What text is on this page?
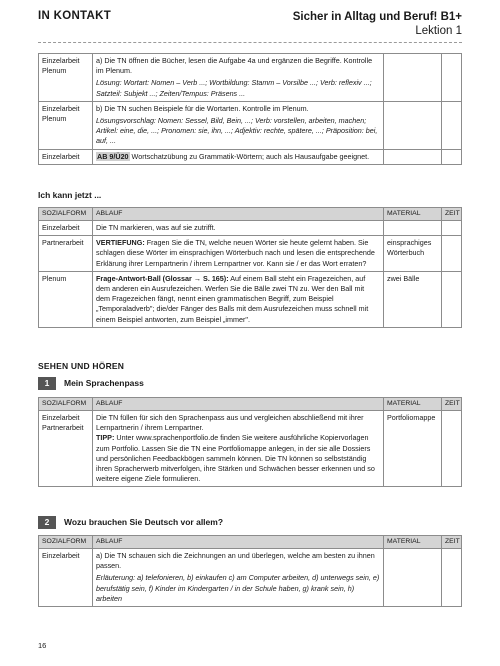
IN KONTAKT	Sicher in Alltag und Beruf! B1+
Lektion 1
Einzelarbeit
Plenum	a) Die TN öffnen die Bücher, lesen die Aufgabe 4a und ergänzen die Begriffe. Kontrolle im Plenum.
Lösung: Wortart: Nomen – Verb ...; Wortbildung: Stamm – Vorsilbe ...; Verb: reflexiv ...; Satzteil: Subjekt ...; Zeiten/Tempus: Präsens ...		

Einzelarbeit
Plenum	b) Die TN suchen Beispiele für die Wortarten. Kontrolle im Plenum.
Lösungsvorschlag: Nomen: Sessel, Bild, Bein, ...; Verb: vorstellen, arbeiten, machen; Artikel: eine, die, ...; Pronomen: sie, ihn, ...; Adjektiv: rechte, spätere, ...; Präposition: bei, auf, ...		

Einzelarbeit	AB 9/Ü20 Wortschatzübung zu Grammatik-Wörtern; auch als Hausaufgabe geeignet.		
Ich kann jetzt ...
SOZIALFORM	ABLAUF	MATERIAL	ZEIT
Einzelarbeit	Die TN markieren, was auf sie zutrifft.		
Partnerarbeit	VERTIEFUNG: Fragen Sie die TN, welche neuen Wörter sie heute gelernt haben. Sie schlagen diese Wörter im einsprachigen Wörterbuch nach und lesen die entsprechende Erklärung ihrer Lernpartnerin / ihrem Lernpartner vor. Kann sie / er das Wort erraten?	einsprachiges Wörterbuch	
Plenum	Frage-Antwort-Ball (Glossar → S. 165): Auf einem Ball steht ein Fragezeichen, auf dem anderen ein Ausrufezeichen. Werfen Sie die Bälle zwei TN zu. Wer den Ball mit dem Fragezeichen fängt, nennt einen grammatischen Begriff, zum Beispiel „Temporaladverb"; die/der Fänger des Balls mit dem Ausrufezeichen muss schnell mit einem Beispiel antworten, zum Beispiel „immer".	zwei Bälle	
SEHEN UND HÖREN
1	Mein Sprachenpass
SOZIALFORM	ABLAUF	MATERIAL	ZEIT
Einzelarbeit
Partnerarbeit	Die TN füllen für sich den Sprachenpass aus und vergleichen abschließend mit ihrer Lernpartnerin / ihrem Lernpartner.
TIPP: Unter www.sprachenportfolio.de finden Sie weitere ausführliche Kopiervorlagen zum Portfolio. Lassen Sie die TN eine Portfoliomappe anlegen, in der sie alle Dossiers und persönlichen Feedbackbögen sammeln können. Die TN können so selbstständig ihren Spracherwerb mitverfolgen, ihre Stärken und Schwächen besser erkennen und so weitere eigene Ziele formulieren.	Portfoliomappe	
2	Wozu brauchen Sie Deutsch vor allem?
SOZIALFORM	ABLAUF	MATERIAL	ZEIT
Einzelarbeit	a) Die TN schauen sich die Zeichnungen an und überlegen, welche am besten zu ihnen passen.
Erläuterung: a) telefonieren, b) einkaufen c) am Computer arbeiten, d) unterwegs sein, e) berufstätig sein, f) Kinder im Kindergarten / in der Schule haben, g) krank sein, h) arbeiten		

16
